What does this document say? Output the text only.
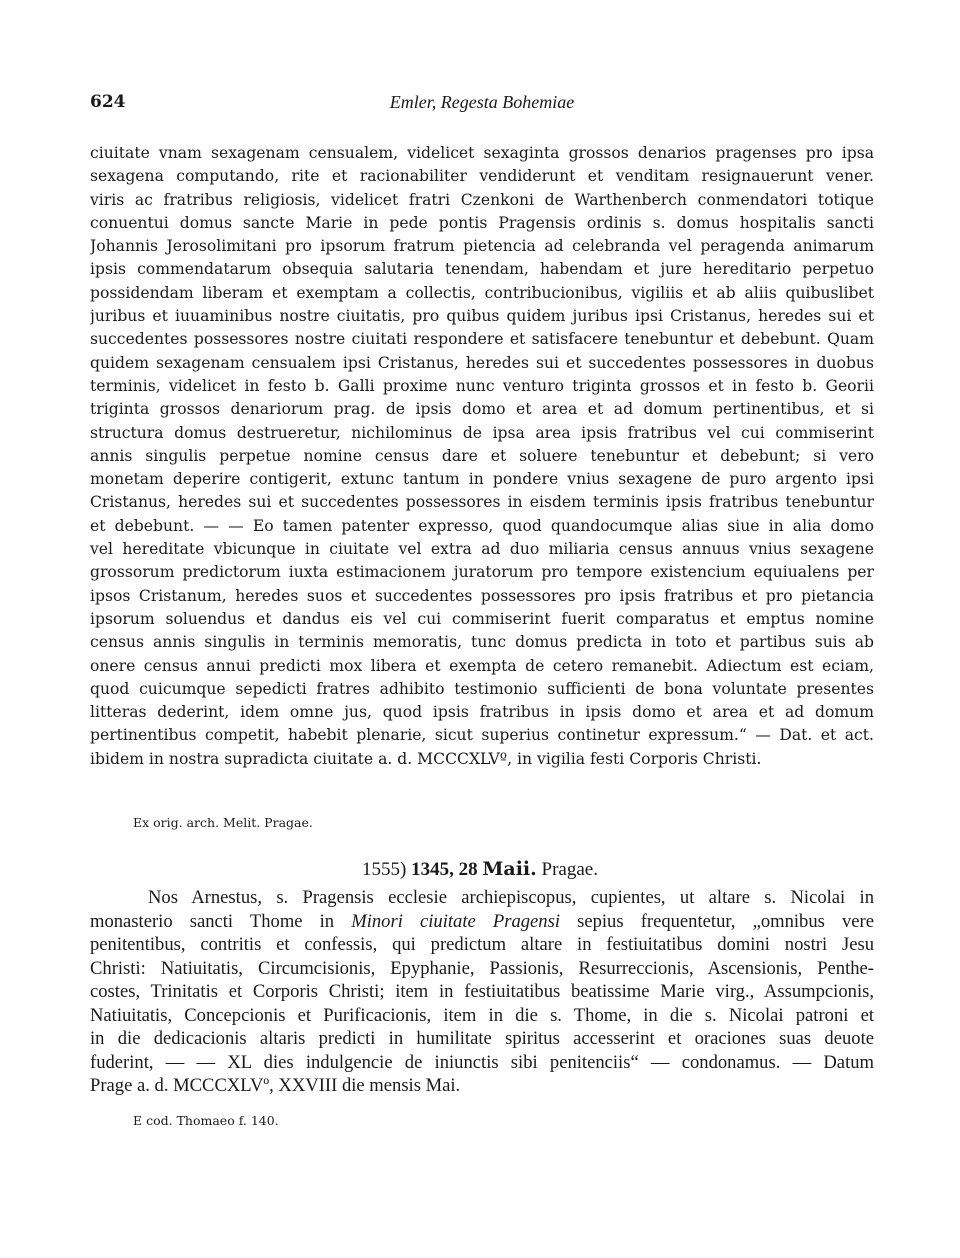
624	Emler, Regesta Bohemiae
ciuitate vnam sexagenam censualem, videlicet sexaginta grossos denarios pragenses pro ipsa
sexagena computando, rite et racionabiliter vendiderunt et venditam resignauerunt vener.
viris ac fratribus religiosis, videlicet fratri Czenkoni de Warthenberch conmendatori totique
conuentui domus sancte Marie in pede pontis Pragensis ordinis s. domus hospitalis sancti
Johannis Jerosolimitani pro ipsorum fratrum pietencia ad celebranda vel peragenda animarum
ipsis commendatarum obsequia salutaria tenendam, habendam et jure hereditario perpetuo
possidendam liberam et exemptam a collectis, contribucionibus, vigiliis et ab aliis quibuslibet
juribus et iuuaminibus nostre ciuitatis, pro quibus quidem juribus ipsi Cristanus, heredes sui et
succedentes possessores nostre ciuitati respondere et satisfacere tenebuntur et debebunt. Quam
quidem sexagenam censualem ipsi Cristanus, heredes sui et succedentes possessores in duobus
terminis, videlicet in festo b. Galli proxime nunc venturo triginta grossos et in festo b. Georii
triginta grossos denariorum prag. de ipsis domo et area et ad domum pertinentibus, et si
structura domus destrueretur, nichilominus de ipsa area ipsis fratribus vel cui commiserint
annis singulis perpetue nomine census dare et soluere tenebuntur et debebunt; si vero
monetam deperire contigerit, extunc tantum in pondere vnius sexagene de puro argento ipsi
Cristanus, heredes sui et succedentes possessores in eisdem terminis ipsis fratribus tenebuntur
et debebunt. — — Eo tamen patenter expresso, quod quandocumque alias siue in alia domo
vel hereditate vbicunque in ciuitate vel extra ad duo miliaria census annuus vnius sexagene
grossorum predictorum iuxta estimacionem juratorum pro tempore existencium equiualens per
ipsos Cristanum, heredes suos et succedentes possessores pro ipsis fratribus et pro pietancia
ipsorum soluendus et dandus eis vel cui commiserint fuerit comparatus et emptus nomine
census annis singulis in terminis memoratis, tunc domus predicta in toto et partibus suis ab
onere census annui predicti mox libera et exempta de cetero remanebit. Adiectum est eciam,
quod cuicumque sepedicti fratres adhibito testimonio sufficienti de bona voluntate presentes
litteras dederint, idem omne jus, quod ipsis fratribus in ipsis domo et area et ad domum
pertinentibus competit, habebit plenarie, sicut superius continetur expressum.“ — Dat. et act.
ibidem in nostra supradicta ciuitate a. d. MCCCXLVº, in vigilia festi Corporis Christi.
Ex orig. arch. Melit. Pragae.
1555) 1345, 28 Maii. Pragae.
Nos Arnestus, s. Pragensis ecclesie archiepiscopus, cupientes, ut altare s. Nicolai in
monasterio sancti Thome in Minori ciuitate Pragensi sepius frequentetur, „omnibus vere
penitentibus, contritis et confessis, qui predictum altare in festiuitatibus domini nostri Jesu
Christi: Natiuitatis, Circumcisionis, Epyphanie, Passionis, Resurreccionis, Ascensionis, Penthe-
costes, Trinitatis et Corporis Christi; item in festiuitatibus beatissime Marie virg., Assumpcionis,
Natiuitatis, Concepcionis et Purificacionis, item in die s. Thome, in die s. Nicolai patroni et
in die dedicacionis altaris predicti in humilitate spiritus accesserint et oraciones suas deuote
fuderint, — — XL dies indulgencie de iniunctis sibi penitenciis“ — condonamus. — Datum
Prage a. d. MCCCXLVº, XXVIII die mensis Mai.
E cod. Thomaeo f. 140.
